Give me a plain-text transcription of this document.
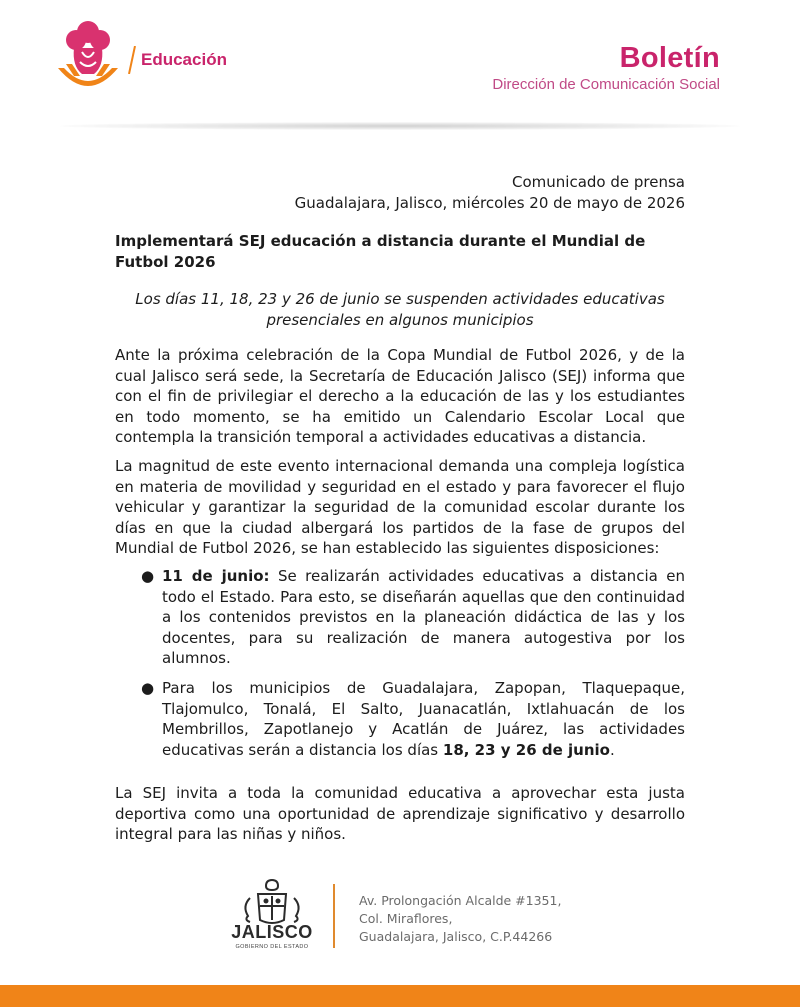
Educación	Boletín
Dirección de Comunicación Social
Comunicado de prensa
Guadalajara, Jalisco, miércoles 20 de mayo de 2026
Implementará SEJ educación a distancia durante el Mundial de Futbol 2026
Los días 11, 18, 23 y 26 de junio se suspenden actividades educativas presenciales en algunos municipios
Ante la próxima celebración de la Copa Mundial de Futbol 2026, y de la cual Jalisco será sede, la Secretaría de Educación Jalisco (SEJ) informa que con el fin de privilegiar el derecho a la educación de las y los estudiantes en todo momento, se ha emitido un Calendario Escolar Local que contempla la transición temporal a actividades educativas a distancia.
La magnitud de este evento internacional demanda una compleja logística en materia de movilidad y seguridad en el estado y para favorecer el flujo vehicular y garantizar la seguridad de la comunidad escolar durante los días en que la ciudad albergará los partidos de la fase de grupos del Mundial de Futbol 2026, se han establecido las siguientes disposiciones:
● 11 de junio: Se realizarán actividades educativas a distancia en todo el Estado. Para esto, se diseñarán aquellas que den continuidad a los contenidos previstos en la planeación didáctica de las y los docentes, para su realización de manera autogestiva por los alumnos.
● Para los municipios de Guadalajara, Zapopan, Tlaquepaque, Tlajomulco, Tonalá, El Salto, Juanacatlán, Ixtlahuacán de los Membrillos, Zapotlanejo y Acatlán de Juárez, las actividades educativas serán a distancia los días 18, 23 y 26 de junio.
La SEJ invita a toda la comunidad educativa a aprovechar esta justa deportiva como una oportunidad de aprendizaje significativo y desarrollo integral para las niñas y niños.
JALISCO
GOBIERNO DEL ESTADO
Av. Prolongación Alcalde #1351,
Col. Miraflores,
Guadalajara, Jalisco, C.P.44266
